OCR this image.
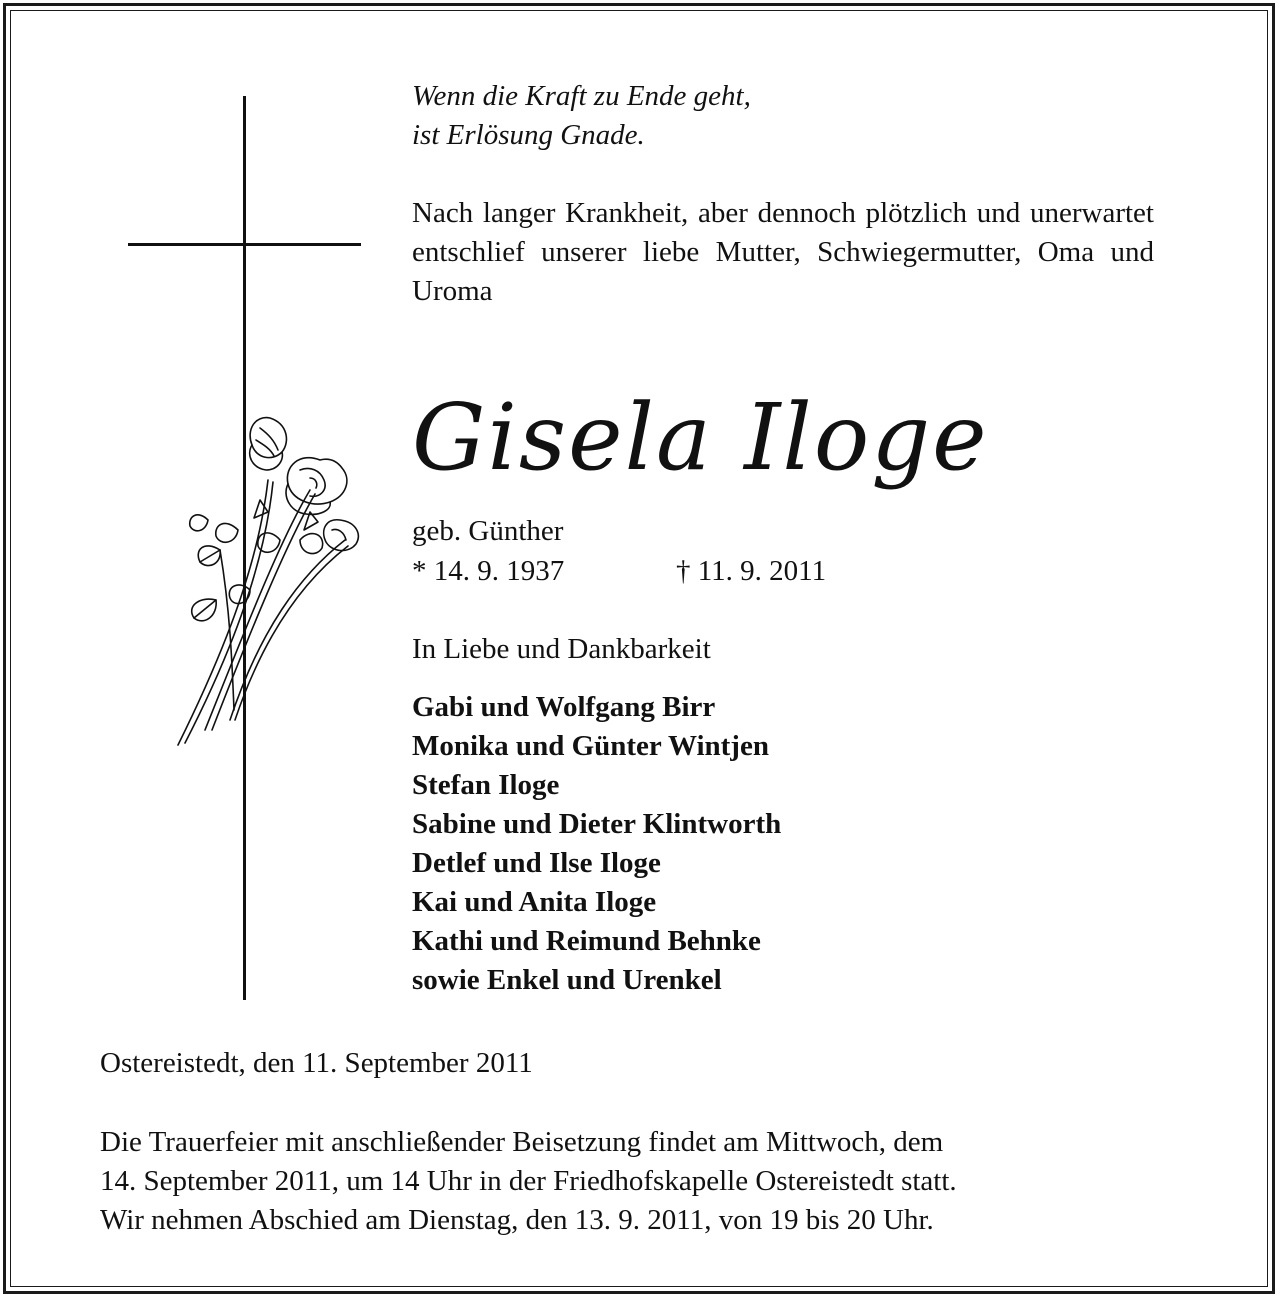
Wenn die Kraft zu Ende geht,
ist Erlösung Gnade.

Nach langer Krankheit, aber dennoch plötzlich und unerwartet entschlief unserer liebe Mutter, Schwiegermutter, Oma und Uroma

Gisela Iloge

geb. Günther

* 14. 9. 1937	† 11. 9. 2011

In Liebe und Dankbarkeit

Gabi und Wolfgang Birr
Monika und Günter Wintjen
Stefan Iloge
Sabine und Dieter Klintworth
Detlef und Ilse Iloge
Kai und Anita Iloge
Kathi und Reimund Behnke
sowie Enkel und Urenkel

Ostereistedt, den 11. September 2011

Die Trauerfeier mit anschließender Beisetzung findet am Mittwoch, dem
14. September 2011, um 14 Uhr in der Friedhofskapelle Ostereistedt statt.
Wir nehmen Abschied am Dienstag, den 13. 9. 2011, von 19 bis 20 Uhr.
